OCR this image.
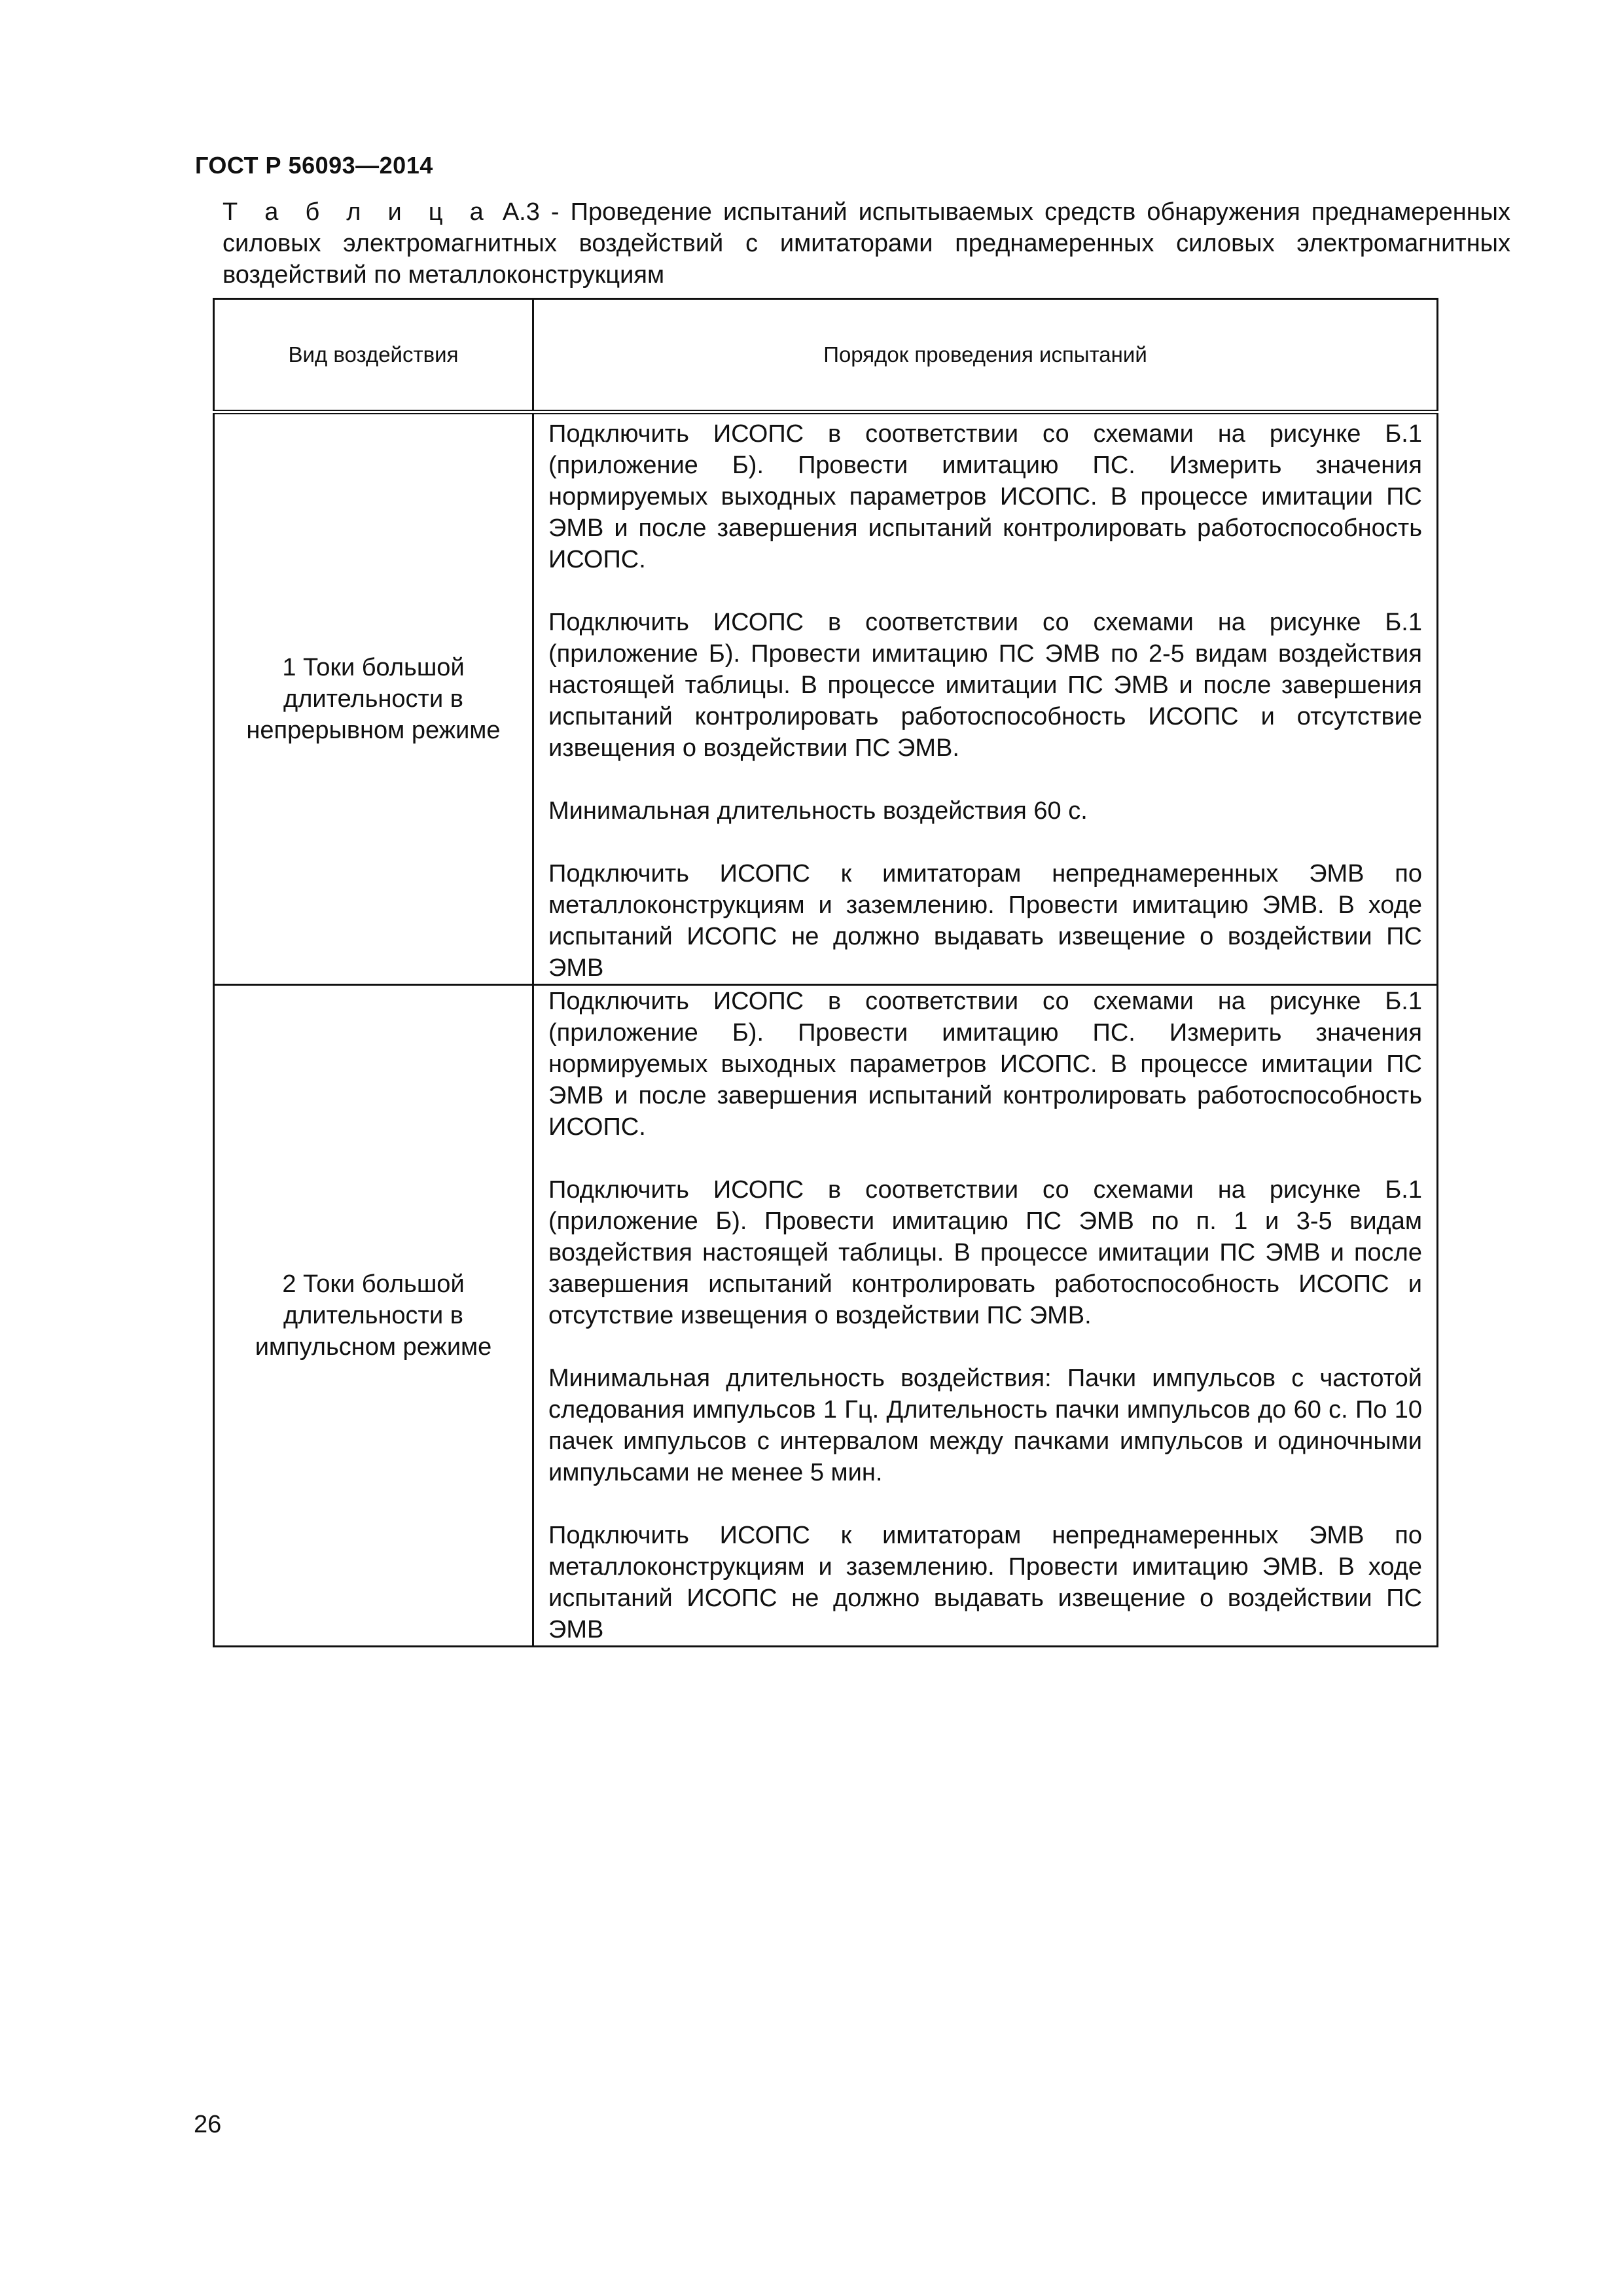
ГОСТ Р 56093—2014
Т а б л и ц а А.3 - Проведение испытаний испытываемых средств обнаружения преднамеренных силовых электромагнитных воздействий с имитаторами преднамеренных силовых электромагнитных воздействий по металлоконструкциям
Вид воздействия	Порядок проведения испытаний
1 Токи большой длительности в непрерывном режиме	Подключить ИСОПС в соответствии со схемами на рисунке Б.1 (приложение Б). Провести имитацию ПС. Измерить значения нормируемых выходных параметров ИСОПС. В процессе имитации ПС ЭМВ и после завершения испытаний контролировать работоспособность ИСОПС.

Подключить ИСОПС в соответствии со схемами на рисунке Б.1 (приложение Б). Провести имитацию ПС ЭМВ по 2-5 видам воздействия настоящей таблицы. В процессе имитации ПС ЭМВ и после завершения испытаний контролировать работоспособность ИСОПС и отсутствие извещения о воздействии ПС ЭМВ.

Минимальная длительность воздействия 60 с.

Подключить ИСОПС к имитаторам непреднамеренных ЭМВ по металлоконструкциям и заземлению. Провести имитацию ЭМВ. В ходе испытаний ИСОПС не должно выдавать извещение о воздействии ПС ЭМВ

2 Токи большой длительности в импульсном режиме	Подключить ИСОПС в соответствии со схемами на рисунке Б.1 (приложение Б). Провести имитацию ПС. Измерить значения нормируемых выходных параметров ИСОПС. В процессе имитации ПС ЭМВ и после завершения испытаний контролировать работоспособность ИСОПС.

Подключить ИСОПС в соответствии со схемами на рисунке Б.1 (приложение Б). Провести имитацию ПС ЭМВ по п. 1 и 3-5 видам воздействия настоящей таблицы. В процессе имитации ПС ЭМВ и после завершения испытаний контролировать работоспособность ИСОПС и отсутствие извещения о воздействии ПС ЭМВ.

Минимальная длительность воздействия: Пачки импульсов с частотой следования импульсов 1 Гц. Длительность пачки импульсов до 60 с. По 10 пачек импульсов с интервалом между пачками импульсов и одиночными импульсами не менее 5 мин.

Подключить ИСОПС к имитаторам непреднамеренных ЭМВ по металлоконструкциям и заземлению. Провести имитацию ЭМВ. В ходе испытаний ИСОПС не должно выдавать извещение о воздействии ПС ЭМВ

26
